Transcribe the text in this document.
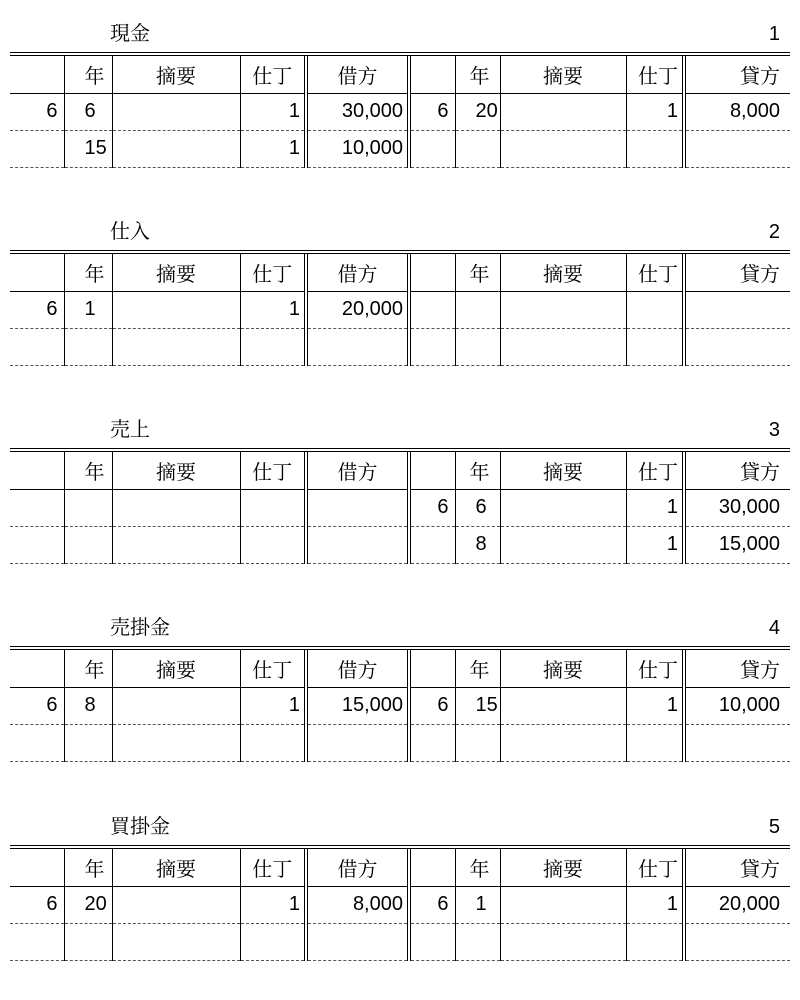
現金	1
	年	摘要	仕丁	借方		年	摘要	仕丁	貸方
6	6		1	30,000	6	20		1	8,000
	15		1	10,000					
仕入	2
	年	摘要	仕丁	借方		年	摘要	仕丁	貸方
6	1		1	20,000					

売上	3
	年	摘要	仕丁	借方		年	摘要	仕丁	貸方
					6	6		1	30,000
						8		1	15,000
売掛金	4
	年	摘要	仕丁	借方		年	摘要	仕丁	貸方
6	8		1	15,000	6	15		1	10,000

買掛金	5
	年	摘要	仕丁	借方		年	摘要	仕丁	貸方
6	20		1	8,000	6	1		1	20,000
